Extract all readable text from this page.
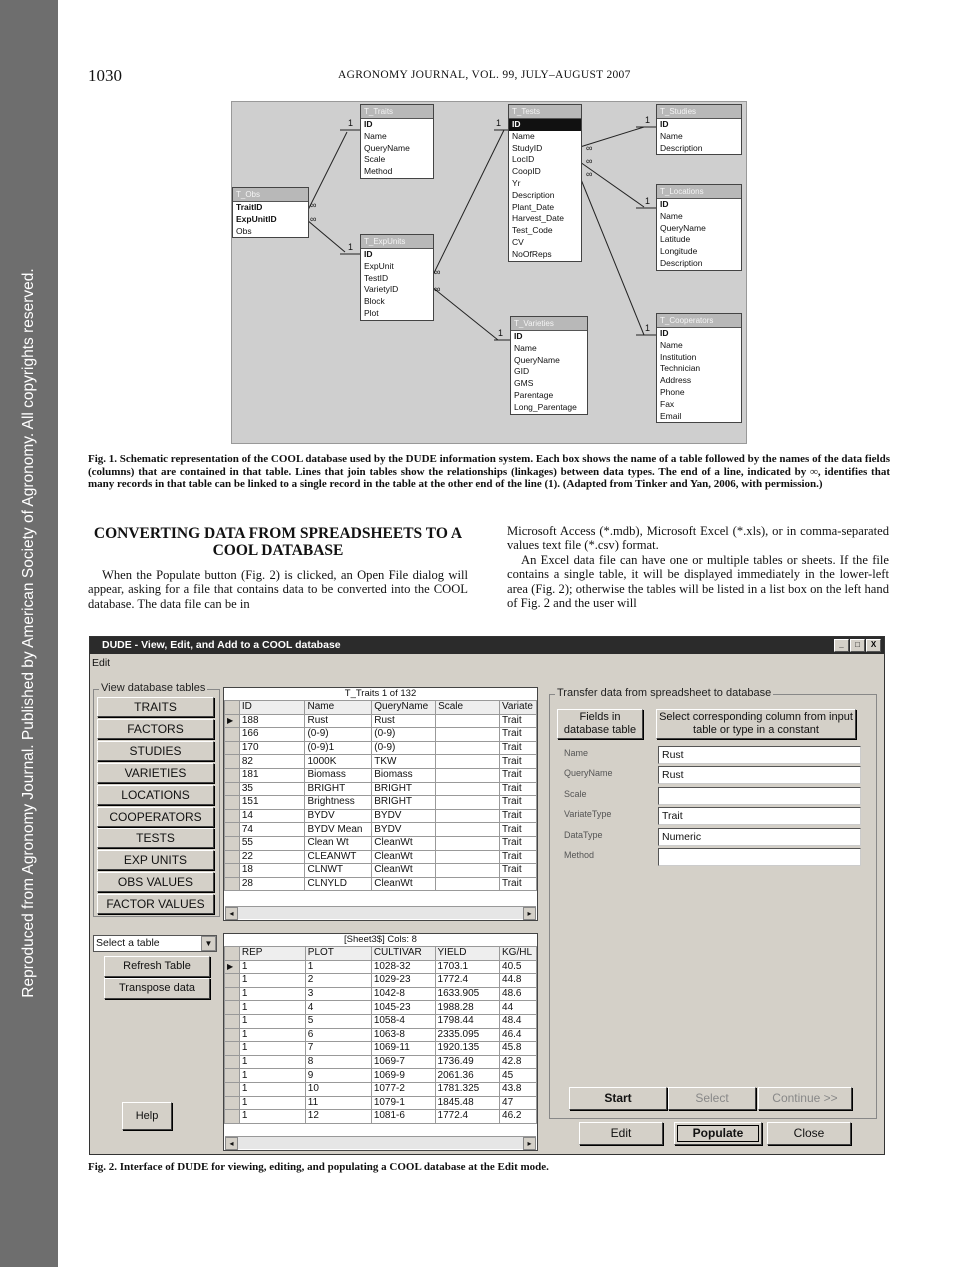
Reproduced from Agronomy Journal. Published by American Society of Agronomy. All copyrights reserved.
1030	AGRONOMY JOURNAL, VOL. 99, JULY–AUGUST 2007
1
1
1
1
1
1
1
∞
∞
∞
∞
∞
∞
∞
T_Traits
ID
Name
QueryName
Scale
Method
T_Obs
TraitID
ExpUnitID
Obs
T_ExpUnits
ID
ExpUnit
TestID
VarietyID
Block
Plot
T_Tests
ID
Name
StudyID
LocID
CoopID
Yr
Description
Plant_Date
Harvest_Date
Test_Code
CV
NoOfReps
T_Varieties
ID
Name
QueryName
GID
GMS
Parentage
Long_Parentage
T_Studies
ID
Name
Description
T_Locations
ID
Name
QueryName
Latitude
Longitude
Description
T_Cooperators
ID
Name
Institution
Technician
Address
Phone
Fax
Email
Fig. 1. Schematic representation of the COOL database used by the DUDE information system. Each box shows the name of a table followed by the names of the data fields (columns) that are contained in that table. Lines that join tables show the relationships (linkages) between data types. The end of a line, indicated by ∞, identifies that many records in that table can be linked to a single record in the table at the other end of the line (1). (Adapted from Tinker and Yan, 2006, with permission.)
CONVERTING DATA FROM SPREADSHEETS TO A COOL DATABASE
When the Populate button (Fig. 2) is clicked, an Open File dialog will appear, asking for a file that contains data to be converted into the COOL database. The data file can be in
Microsoft Access (*.mdb), Microsoft Excel (*.xls), or in comma-separated values text file (*.csv) format.
An Excel data file can have one or multiple tables or sheets. If the file contains a single table, it will be displayed immediately in the lower-left area (Fig. 2); otherwise the tables will be listed in a list box on the left hand of Fig. 2 and the user will
DUDE - View, Edit, and Add to a COOL database	_	□	X
Edit
View database tables	T_Traits 1 of 132
	ID	Name	QueryName	Scale	Variate
▶	188	Rust	Rust		Trait
	166	(0-9)	(0-9)		Trait
	170	(0-9)1	(0-9)		Trait
	82	1000K	TKW		Trait
	181	Biomass	Biomass		Trait
	35	BRIGHT	BRIGHT		Trait
	151	Brightness	BRIGHT		Trait
	14	BYDV	BYDV		Trait
	74	BYDV Mean	BYDV		Trait
	55	Clean Wt	CleanWt		Trait
	22	CLEANWT	CleanWt		Trait
	18	CLNWT	CleanWt		Trait
	28	CLNYLD	CleanWt		Trait
◂	▸
Select a table	▼
Refresh Table
Transpose data
Help
[Sheet3$] Cols: 8
	REP	PLOT	CULTIVAR	YIELD	KG/HL
▶	1	1	1028-32	1703.1	40.5
	1	2	1029-23	1772.4	44.8
	1	3	1042-8	1633.905	48.6
	1	4	1045-23	1988.28	44
	1	5	1058-4	1798.44	48.4
	1	6	1063-8	2335.095	46.4
	1	7	1069-11	1920.135	45.8
	1	8	1069-7	1736.49	42.8
	1	9	1069-9	2061.36	45
	1	10	1077-2	1781.325	43.8
	1	11	1079-1	1845.48	47
	1	12	1081-6	1772.4	46.2
◂	▸
Transfer data from spreadsheet to database
Fields in database table
Select corresponding column from input table or type in a constant
Start	Select	Continue >>
Edit	Populate	Close
TRAITS
FACTORS
STUDIES
VARIETIES
LOCATIONS
COOPERATORS
TESTS
EXP UNITS
OBS VALUES
FACTOR VALUES
Name	Rust
QueryName	Rust
Scale
VariateType	Trait
DataType	Numeric
Method
Fig. 2. Interface of DUDE for viewing, editing, and populating a COOL database at the Edit mode.
